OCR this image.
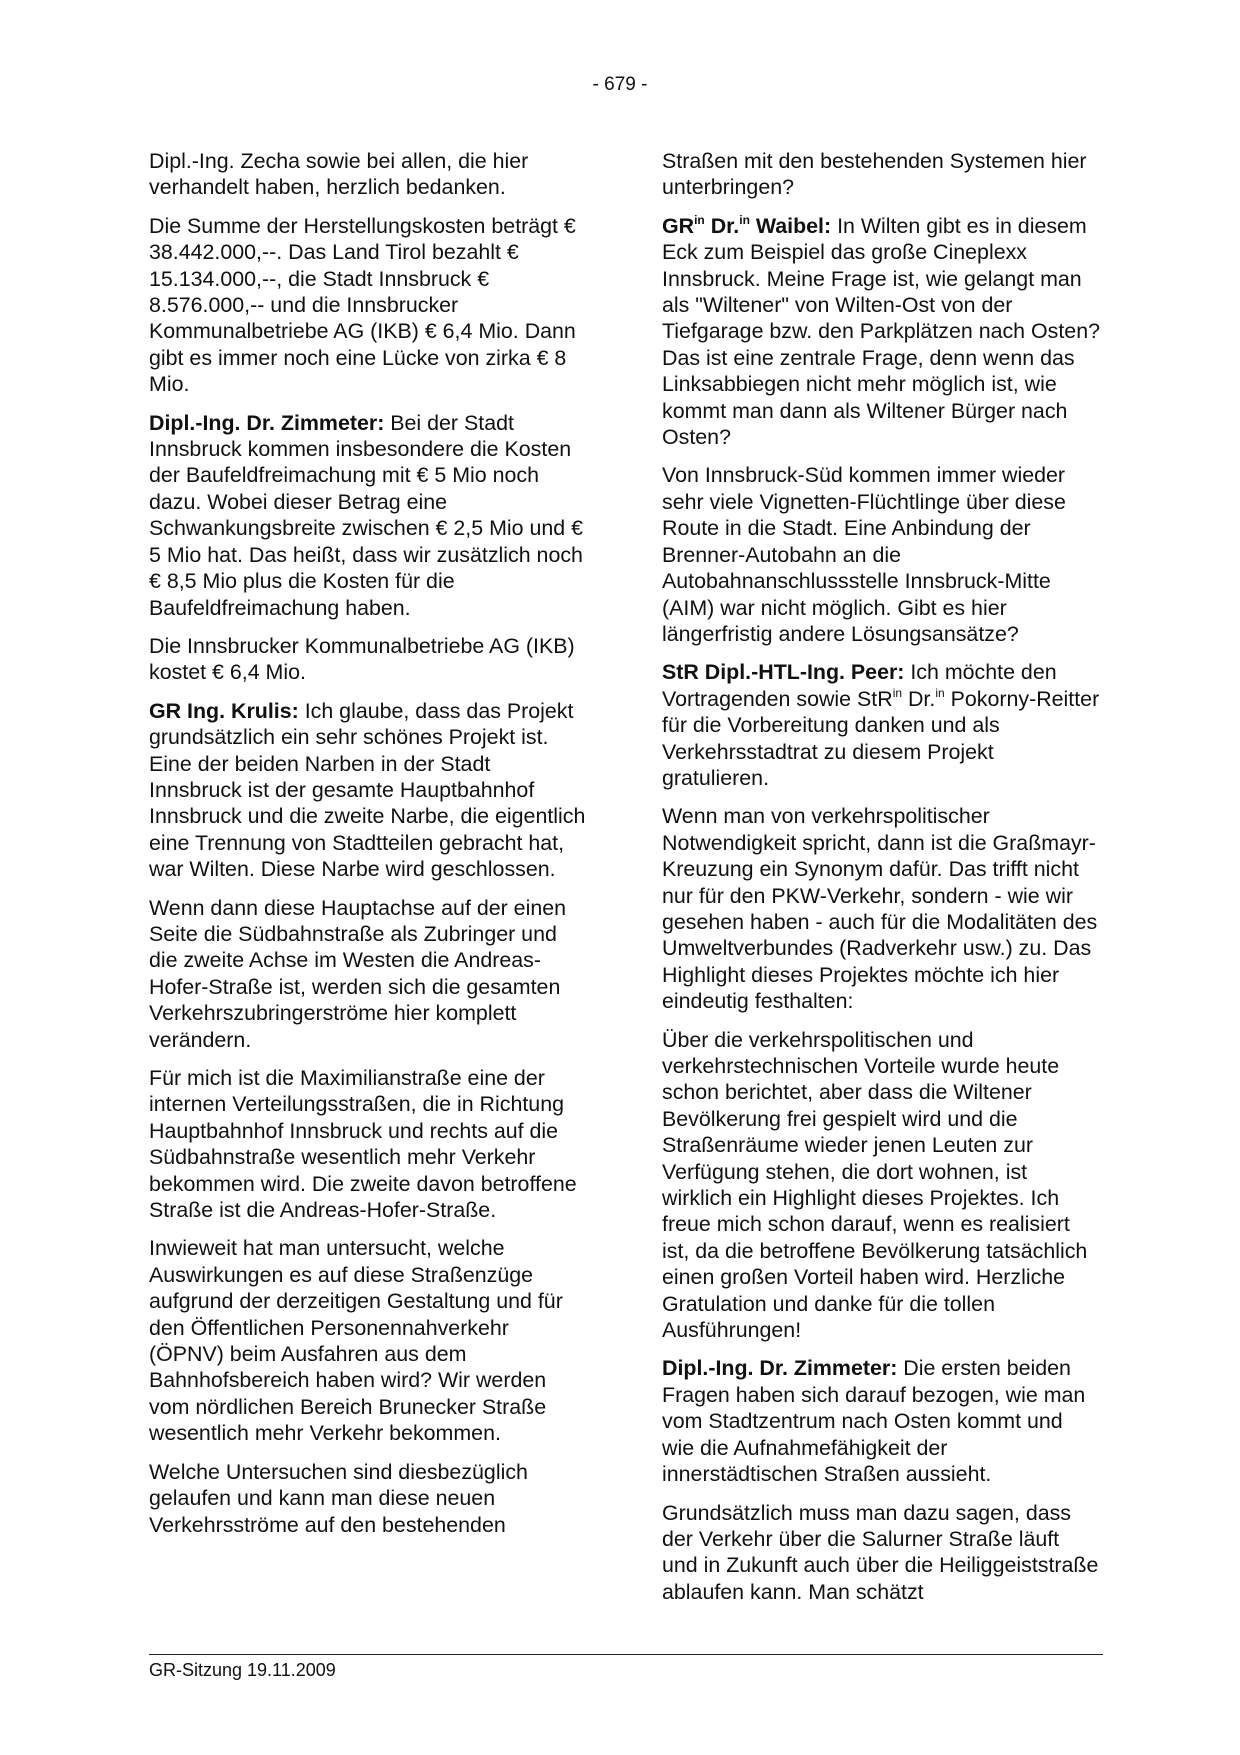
- 679 -

Dipl.-Ing. Zecha sowie bei allen, die hier verhandelt haben, herzlich bedanken.

Die Summe der Herstellungskosten beträgt € 38.442.000,--. Das Land Tirol bezahlt € 15.134.000,--, die Stadt Innsbruck € 8.576.000,-- und die Innsbrucker Kommunalbetriebe AG (IKB) € 6,4 Mio. Dann gibt es immer noch eine Lücke von zirka € 8 Mio.

Dipl.-Ing. Dr. Zimmeter: Bei der Stadt Innsbruck kommen insbesondere die Kosten der Baufeldfreimachung mit € 5 Mio noch dazu. Wobei dieser Betrag eine Schwankungsbreite zwischen € 2,5 Mio und € 5 Mio hat. Das heißt, dass wir zusätzlich noch € 8,5 Mio plus die Kosten für die Baufeldfreimachung haben.

Die Innsbrucker Kommunalbetriebe AG (IKB) kostet € 6,4 Mio.

GR Ing. Krulis: Ich glaube, dass das Projekt grundsätzlich ein sehr schönes Projekt ist. Eine der beiden Narben in der Stadt Innsbruck ist der gesamte Hauptbahnhof Innsbruck und die zweite Narbe, die eigentlich eine Trennung von Stadtteilen gebracht hat, war Wilten. Diese Narbe wird geschlossen.

Wenn dann diese Hauptachse auf der einen Seite die Südbahnstraße als Zubringer und die zweite Achse im Westen die Andreas-Hofer-Straße ist, werden sich die gesamten Verkehrszubringerströme hier komplett verändern.

Für mich ist die Maximilianstraße eine der internen Verteilungsstraßen, die in Richtung Hauptbahnhof Innsbruck und rechts auf die Südbahnstraße wesentlich mehr Verkehr bekommen wird. Die zweite davon betroffene Straße ist die Andreas-Hofer-Straße.

Inwieweit hat man untersucht, welche Auswirkungen es auf diese Straßenzüge aufgrund der derzeitigen Gestaltung und für den Öffentlichen Personennahverkehr (ÖPNV) beim Ausfahren aus dem Bahnhofsbereich haben wird? Wir werden vom nördlichen Bereich Brunecker Straße wesentlich mehr Verkehr bekommen.

Welche Untersuchen sind diesbezüglich gelaufen und kann man diese neuen Verkehrsströme auf den bestehenden

Straßen mit den bestehenden Systemen hier unterbringen?

$GR^{in}$ Dr.$^{in}$ Waibel: In Wilten gibt es in diesem Eck zum Beispiel das große Cineplexx Innsbruck. Meine Frage ist, wie gelangt man als "Wiltener" von Wilten-Ost von der Tiefgarage bzw. den Parkplätzen nach Osten? Das ist eine zentrale Frage, denn wenn das Linksabbiegen nicht mehr möglich ist, wie kommt man dann als Wiltener Bürger nach Osten?

Von Innsbruck-Süd kommen immer wieder sehr viele Vignetten-Flüchtlinge über diese Route in die Stadt. Eine Anbindung der Brenner-Autobahn an die Autobahnanschlussstelle Innsbruck-Mitte (AIM) war nicht möglich. Gibt es hier längerfristig andere Lösungsansätze?

StR Dipl.-HTL-Ing. Peer: Ich möchte den Vortragenden sowie StR$^{in}$ Dr.$^{in}$ Pokorny-Reitter für die Vorbereitung danken und als Verkehrsstadtrat zu diesem Projekt gratulieren.

Wenn man von verkehrspolitischer Notwendigkeit spricht, dann ist die Graßmayr-Kreuzung ein Synonym dafür. Das trifft nicht nur für den PKW-Verkehr, sondern - wie wir gesehen haben - auch für die Modalitäten des Umweltverbundes (Radverkehr usw.) zu. Das Highlight dieses Projektes möchte ich hier eindeutig festhalten:

Über die verkehrspolitischen und verkehrstechnischen Vorteile wurde heute schon berichtet, aber dass die Wiltener Bevölkerung frei gespielt wird und die Straßenräume wieder jenen Leuten zur Verfügung stehen, die dort wohnen, ist wirklich ein Highlight dieses Projektes. Ich freue mich schon darauf, wenn es realisiert ist, da die betroffene Bevölkerung tatsächlich einen großen Vorteil haben wird. Herzliche Gratulation und danke für die tollen Ausführungen!

Dipl.-Ing. Dr. Zimmeter: Die ersten beiden Fragen haben sich darauf bezogen, wie man vom Stadtzentrum nach Osten kommt und wie die Aufnahmefähigkeit der innerstädtischen Straßen aussieht.

Grundsätzlich muss man dazu sagen, dass der Verkehr über die Salurner Straße läuft und in Zukunft auch über die Heiliggeiststraße ablaufen kann. Man schätzt

GR-Sitzung 19.11.2009
